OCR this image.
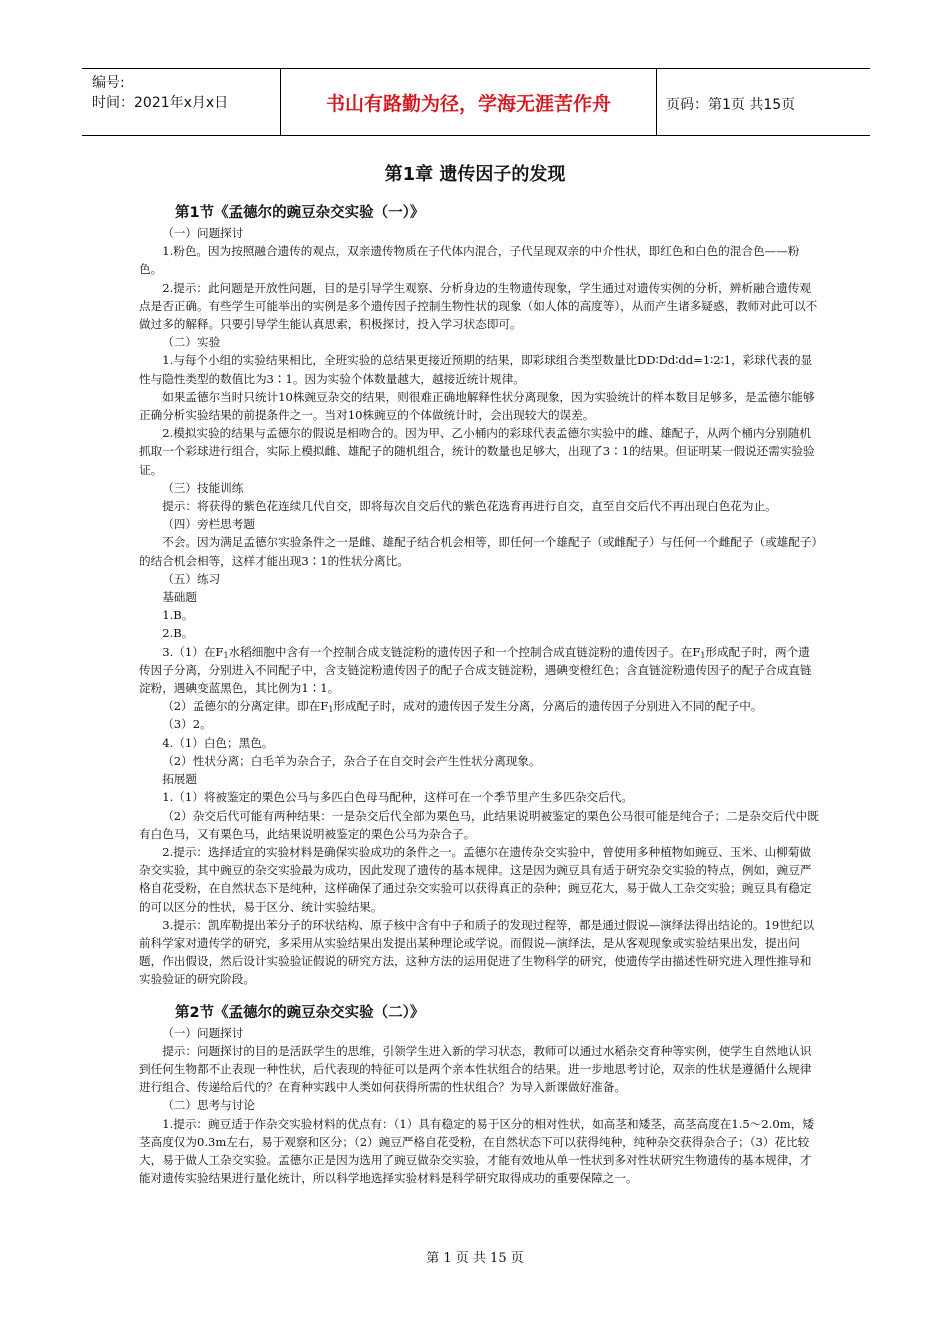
编号:
时间：2021年x月x日	书山有路勤为径，学海无涯苦作舟	页码：第1页 共15页
第1章 遗传因子的发现
第1节《孟德尔的豌豆杂交实验（一）》

（一）问题探讨

1.粉色。因为按照融合遗传的观点，双亲遗传物质在子代体内混合，子代呈现双亲的中介性状，即红色和白色的混合色——粉色。

2.提示：此问题是开放性问题，目的是引导学生观察、分析身边的生物遗传现象，学生通过对遗传实例的分析，辨析融合遗传观点是否正确。有些学生可能举出的实例是多个遗传因子控制生物性状的现象（如人体的高度等），从而产生诸多疑惑，教师对此可以不做过多的解释。只要引导学生能认真思索，积极探讨，投入学习状态即可。

（二）实验

1.与每个小组的实验结果相比，全班实验的总结果更接近预期的结果，即彩球组合类型数量比DD∶Dd∶dd=1∶2∶1，彩球代表的显性与隐性类型的数值比为3∶1。因为实验个体数量越大，越接近统计规律。

如果孟德尔当时只统计10株豌豆杂交的结果，则很难正确地解释性状分离现象，因为实验统计的样本数目足够多，是孟德尔能够正确分析实验结果的前提条件之一。当对10株豌豆的个体做统计时，会出现较大的误差。

2.模拟实验的结果与孟德尔的假说是相吻合的。因为甲、乙小桶内的彩球代表孟德尔实验中的雌、雄配子，从两个桶内分别随机抓取一个彩球进行组合，实际上模拟雌、雄配子的随机组合，统计的数量也足够大，出现了3∶1的结果。但证明某一假说还需实验验证。

（三）技能训练

提示：将获得的紫色花连续几代自交，即将每次自交后代的紫色花选育再进行自交，直至自交后代不再出现白色花为止。

（四）旁栏思考题

不会。因为满足孟德尔实验条件之一是雌、雄配子结合机会相等，即任何一个雄配子（或雌配子）与任何一个雌配子（或雄配子）的结合机会相等，这样才能出现3∶1的性状分离比。

（五）练习

基础题

1.B。

2.B。

3.（1）在$F_1$水稻细胞中含有一个控制合成支链淀粉的遗传因子和一个控制合成直链淀粉的遗传因子。在$F_1$形成配子时，两个遗传因子分离，分别进入不同配子中，含支链淀粉遗传因子的配子合成支链淀粉，遇碘变橙红色；含直链淀粉遗传因子的配子合成直链淀粉，遇碘变蓝黑色，其比例为1∶1。

（2）孟德尔的分离定律。即在$F_1$形成配子时，成对的遗传因子发生分离，分离后的遗传因子分别进入不同的配子中。

（3）2。

4.（1）白色；黑色。

（2）性状分离；白毛羊为杂合子，杂合子在自交时会产生性状分离现象。

拓展题

1.（1）将被鉴定的栗色公马与多匹白色母马配种，这样可在一个季节里产生多匹杂交后代。

（2）杂交后代可能有两种结果：一是杂交后代全部为栗色马，此结果说明被鉴定的栗色公马很可能是纯合子；二是杂交后代中既有白色马，又有栗色马，此结果说明被鉴定的栗色公马为杂合子。

2.提示：选择适宜的实验材料是确保实验成功的条件之一。孟德尔在遗传杂交实验中，曾使用多种植物如豌豆、玉米、山柳菊做杂交实验，其中豌豆的杂交实验最为成功，因此发现了遗传的基本规律。这是因为豌豆具有适于研究杂交实验的特点，例如，豌豆严格自花受粉，在自然状态下是纯种，这样确保了通过杂交实验可以获得真正的杂种；豌豆花大，易于做人工杂交实验；豌豆具有稳定的可以区分的性状，易于区分、统计实验结果。

3.提示：凯库勒提出苯分子的环状结构、原子核中含有中子和质子的发现过程等，都是通过假说—演绎法得出结论的。19世纪以前科学家对遗传学的研究，多采用从实验结果出发提出某种理论或学说。而假说—演绎法，是从客观现象或实验结果出发，提出问题，作出假设，然后设计实验验证假说的研究方法，这种方法的运用促进了生物科学的研究，使遗传学由描述性研究进入理性推导和实验验证的研究阶段。

第2节《孟德尔的豌豆杂交实验（二）》

（一）问题探讨

提示：问题探讨的目的是活跃学生的思维，引领学生进入新的学习状态，教师可以通过水稻杂交育种等实例，使学生自然地认识到任何生物都不止表现一种性状，后代表现的特征可以是两个亲本性状组合的结果。进一步地思考讨论，双亲的性状是遵循什么规律进行组合、传递给后代的？在育种实践中人类如何获得所需的性状组合？为导入新课做好准备。

（二）思考与讨论

1.提示：豌豆适于作杂交实验材料的优点有：（1）具有稳定的易于区分的相对性状，如高茎和矮茎，高茎高度在1.5～2.0m，矮茎高度仅为0.3m左右，易于观察和区分；（2）豌豆严格自花受粉，在自然状态下可以获得纯种，纯种杂交获得杂合子；（3）花比较大，易于做人工杂交实验。孟德尔正是因为选用了豌豆做杂交实验，才能有效地从单一性状到多对性状研究生物遗传的基本规律，才能对遗传实验结果进行量化统计，所以科学地选择实验材料是科学研究取得成功的重要保障之一。

第 1 页 共 15 页
